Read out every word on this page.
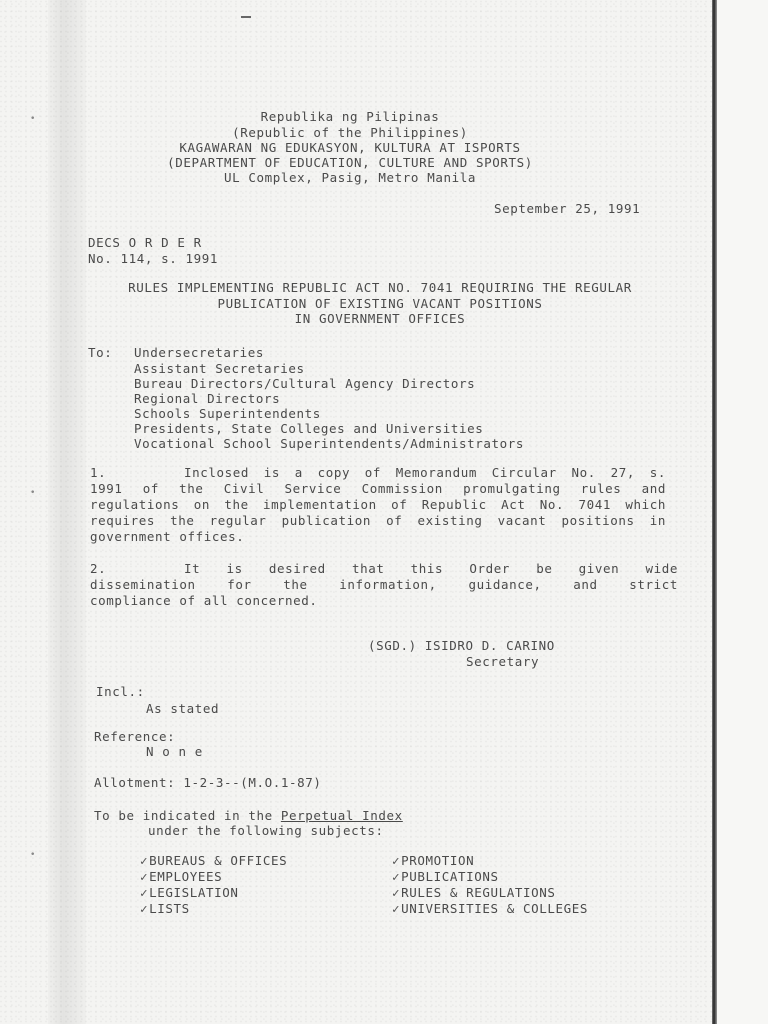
•
•
•
Republika ng Pilipinas
(Republic of the Philippines)
KAGAWARAN NG EDUKASYON, KULTURA AT ISPORTS
(DEPARTMENT OF EDUCATION, CULTURE AND SPORTS)
UL Complex, Pasig, Metro Manila
September 25, 1991
DECS O R D E R
No. 114, s. 1991
RULES IMPLEMENTING REPUBLIC ACT NO. 7041 REQUIRING THE REGULAR
PUBLICATION OF EXISTING VACANT POSITIONS
IN GOVERNMENT OFFICES
To: Undersecretaries
Assistant Secretaries
Bureau Directors/Cultural Agency Directors
Regional Directors
Schools Superintendents
Presidents, State Colleges and Universities
Vocational School Superintendents/Administrators
1.	Inclosed is a copy of Memorandum Circular No. 27, s.
1991 of the Civil Service Commission promulgating rules and
regulations on the implementation of Republic Act No. 7041 which
requires the regular publication of existing vacant positions in
government offices.
2.	It is desired that this Order be given wide
dissemination for the information, guidance, and strict
compliance of all concerned.
(SGD.) ISIDRO D. CARINO
Secretary
Incl.:
As stated
Reference:
N o n e
Allotment: 1-2-3--(M.O.1-87)
To be indicated in the Perpetual Index
under the following subjects:
✓BUREAUS & OFFICES
✓EMPLOYEES
✓LEGISLATION
✓LISTS
✓PROMOTION
✓PUBLICATIONS
✓RULES & REGULATIONS
✓UNIVERSITIES & COLLEGES
